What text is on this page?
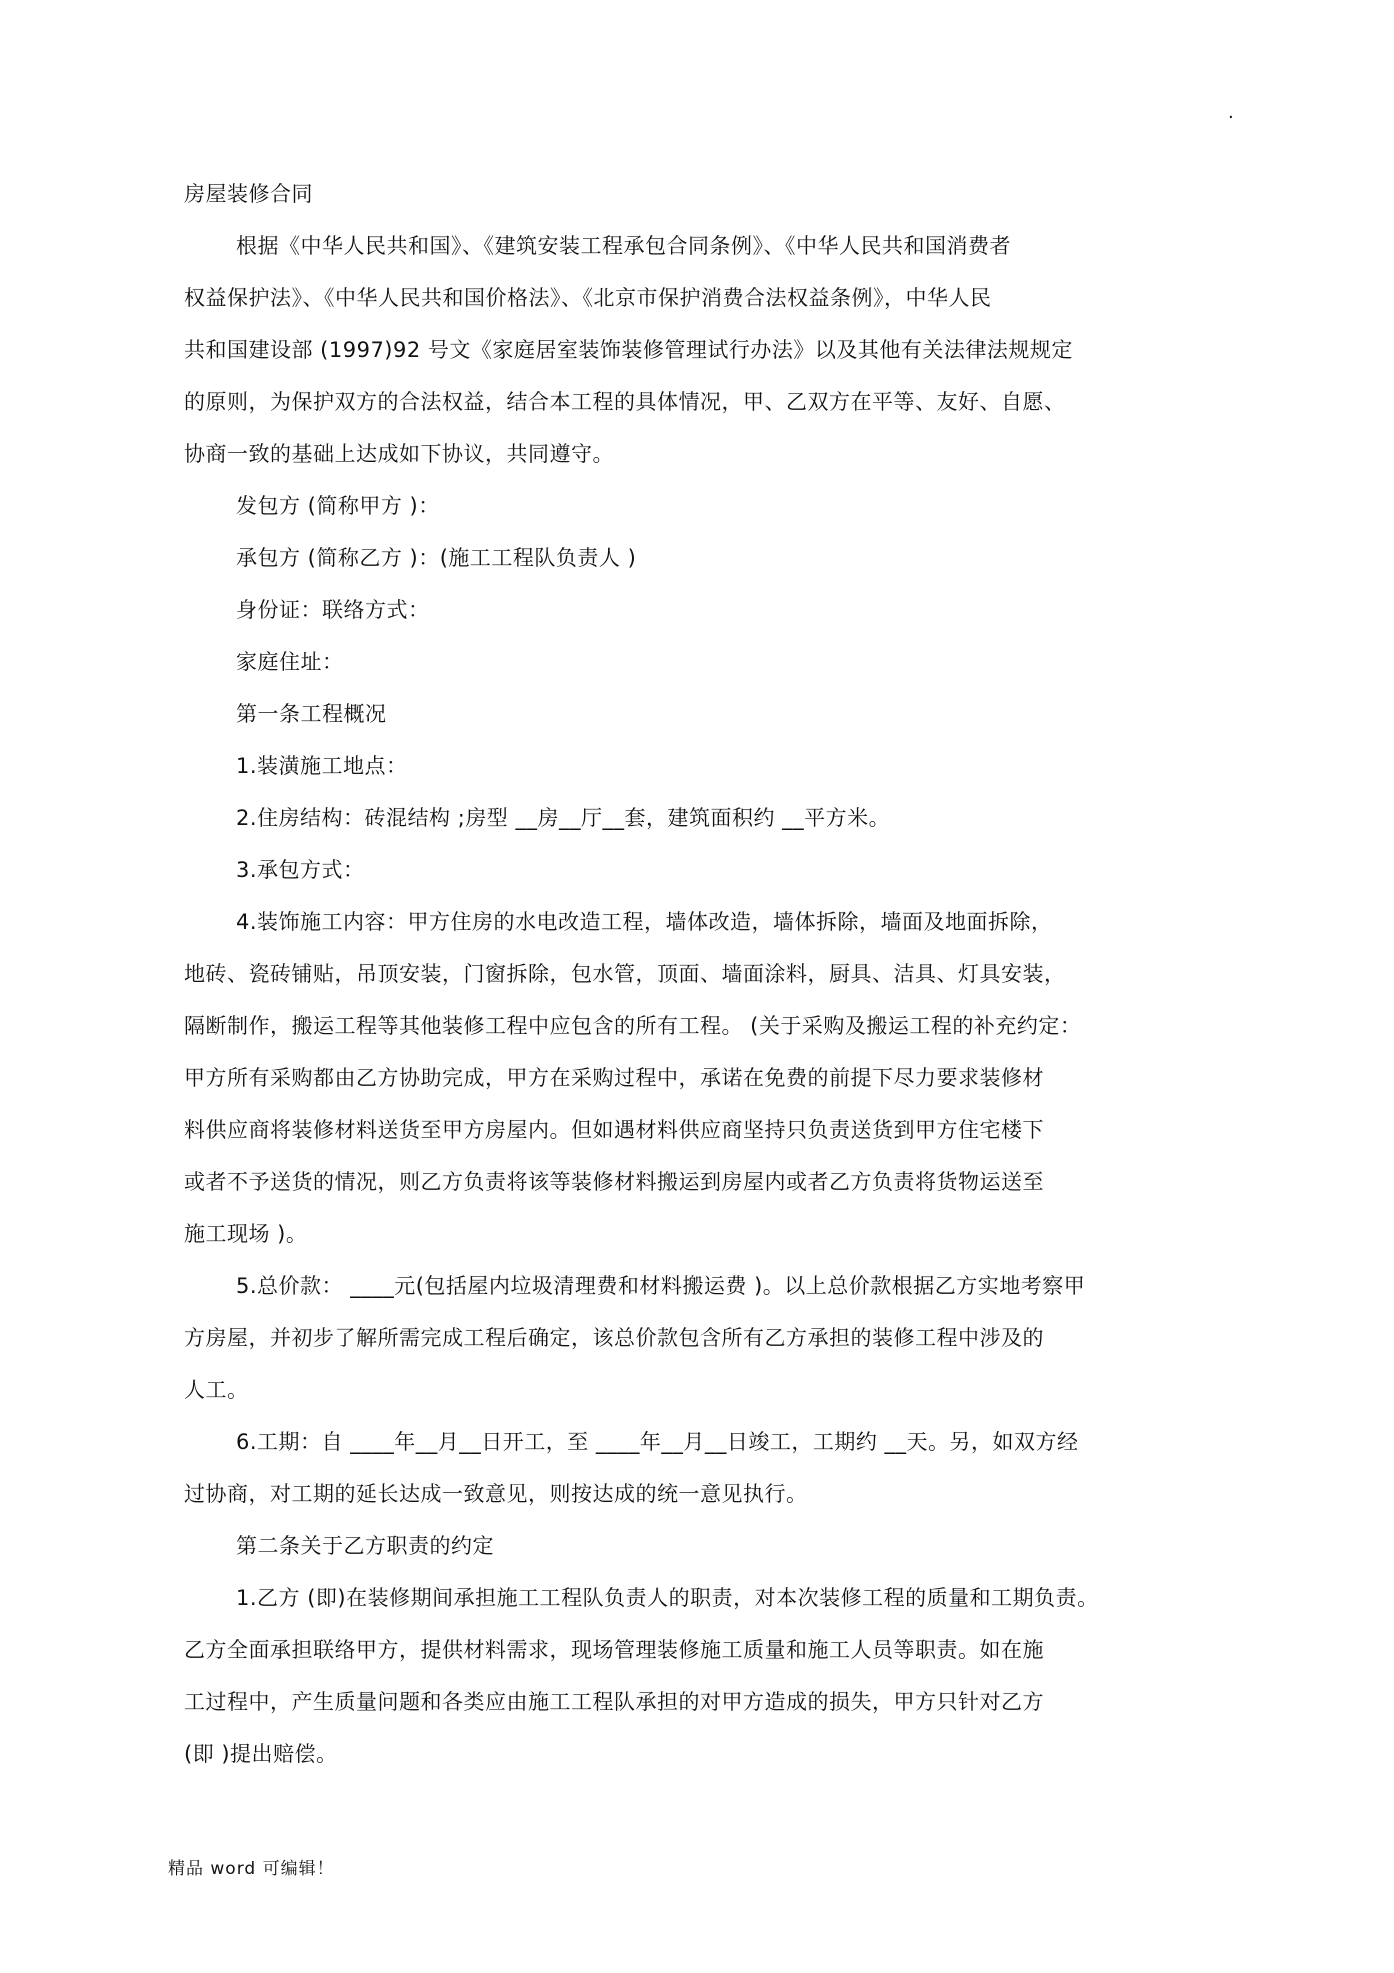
.
房屋装修合同
根据《中华人民共和国》、《建筑安装工程承包合同条例》、《中华人民共和国消费者
权益保护法》、《中华人民共和国价格法》、《北京市保护消费合法权益条例》，中华人民
共和国建设部 (1997)92 号文《家庭居室装饰装修管理试行办法》以及其他有关法律法规规定
的原则，为保护双方的合法权益，结合本工程的具体情况，甲、乙双方在平等、友好、自愿、
协商一致的基础上达成如下协议，共同遵守。
发包方 (简称甲方 )：
承包方 (简称乙方 )：(施工工程队负责人 )
身份证：联络方式：
家庭住址：
第一条工程概况
1.装潢施工地点：
2.住房结构：砖混结构 ;房型 __房__厅__套，建筑面积约 __平方米。
3.承包方式：
4.装饰施工内容：甲方住房的水电改造工程，墙体改造，墙体拆除，墙面及地面拆除，
地砖、瓷砖铺贴，吊顶安装，门窗拆除，包水管，顶面、墙面涂料，厨具、洁具、灯具安装，
隔断制作，搬运工程等其他装修工程中应包含的所有工程。 (关于采购及搬运工程的补充约定：
甲方所有采购都由乙方协助完成，甲方在采购过程中，承诺在免费的前提下尽力要求装修材
料供应商将装修材料送货至甲方房屋内。但如遇材料供应商坚持只负责送货到甲方住宅楼下
或者不予送货的情况，则乙方负责将该等装修材料搬运到房屋内或者乙方负责将货物运送至
施工现场 )。
5.总价款： ____元(包括屋内垃圾清理费和材料搬运费 )。以上总价款根据乙方实地考察甲
方房屋，并初步了解所需完成工程后确定，该总价款包含所有乙方承担的装修工程中涉及的
人工。
6.工期：自 ____年__月__日开工，至 ____年__月__日竣工，工期约 __天。另，如双方经
过协商，对工期的延长达成一致意见，则按达成的统一意见执行。
第二条关于乙方职责的约定
1.乙方 (即)在装修期间承担施工工程队负责人的职责，对本次装修工程的质量和工期负责。
乙方全面承担联络甲方，提供材料需求，现场管理装修施工质量和施工人员等职责。如在施
工过程中，产生质量问题和各类应由施工工程队承担的对甲方造成的损失，甲方只针对乙方
(即 )提出赔偿。
精品 word 可编辑！
